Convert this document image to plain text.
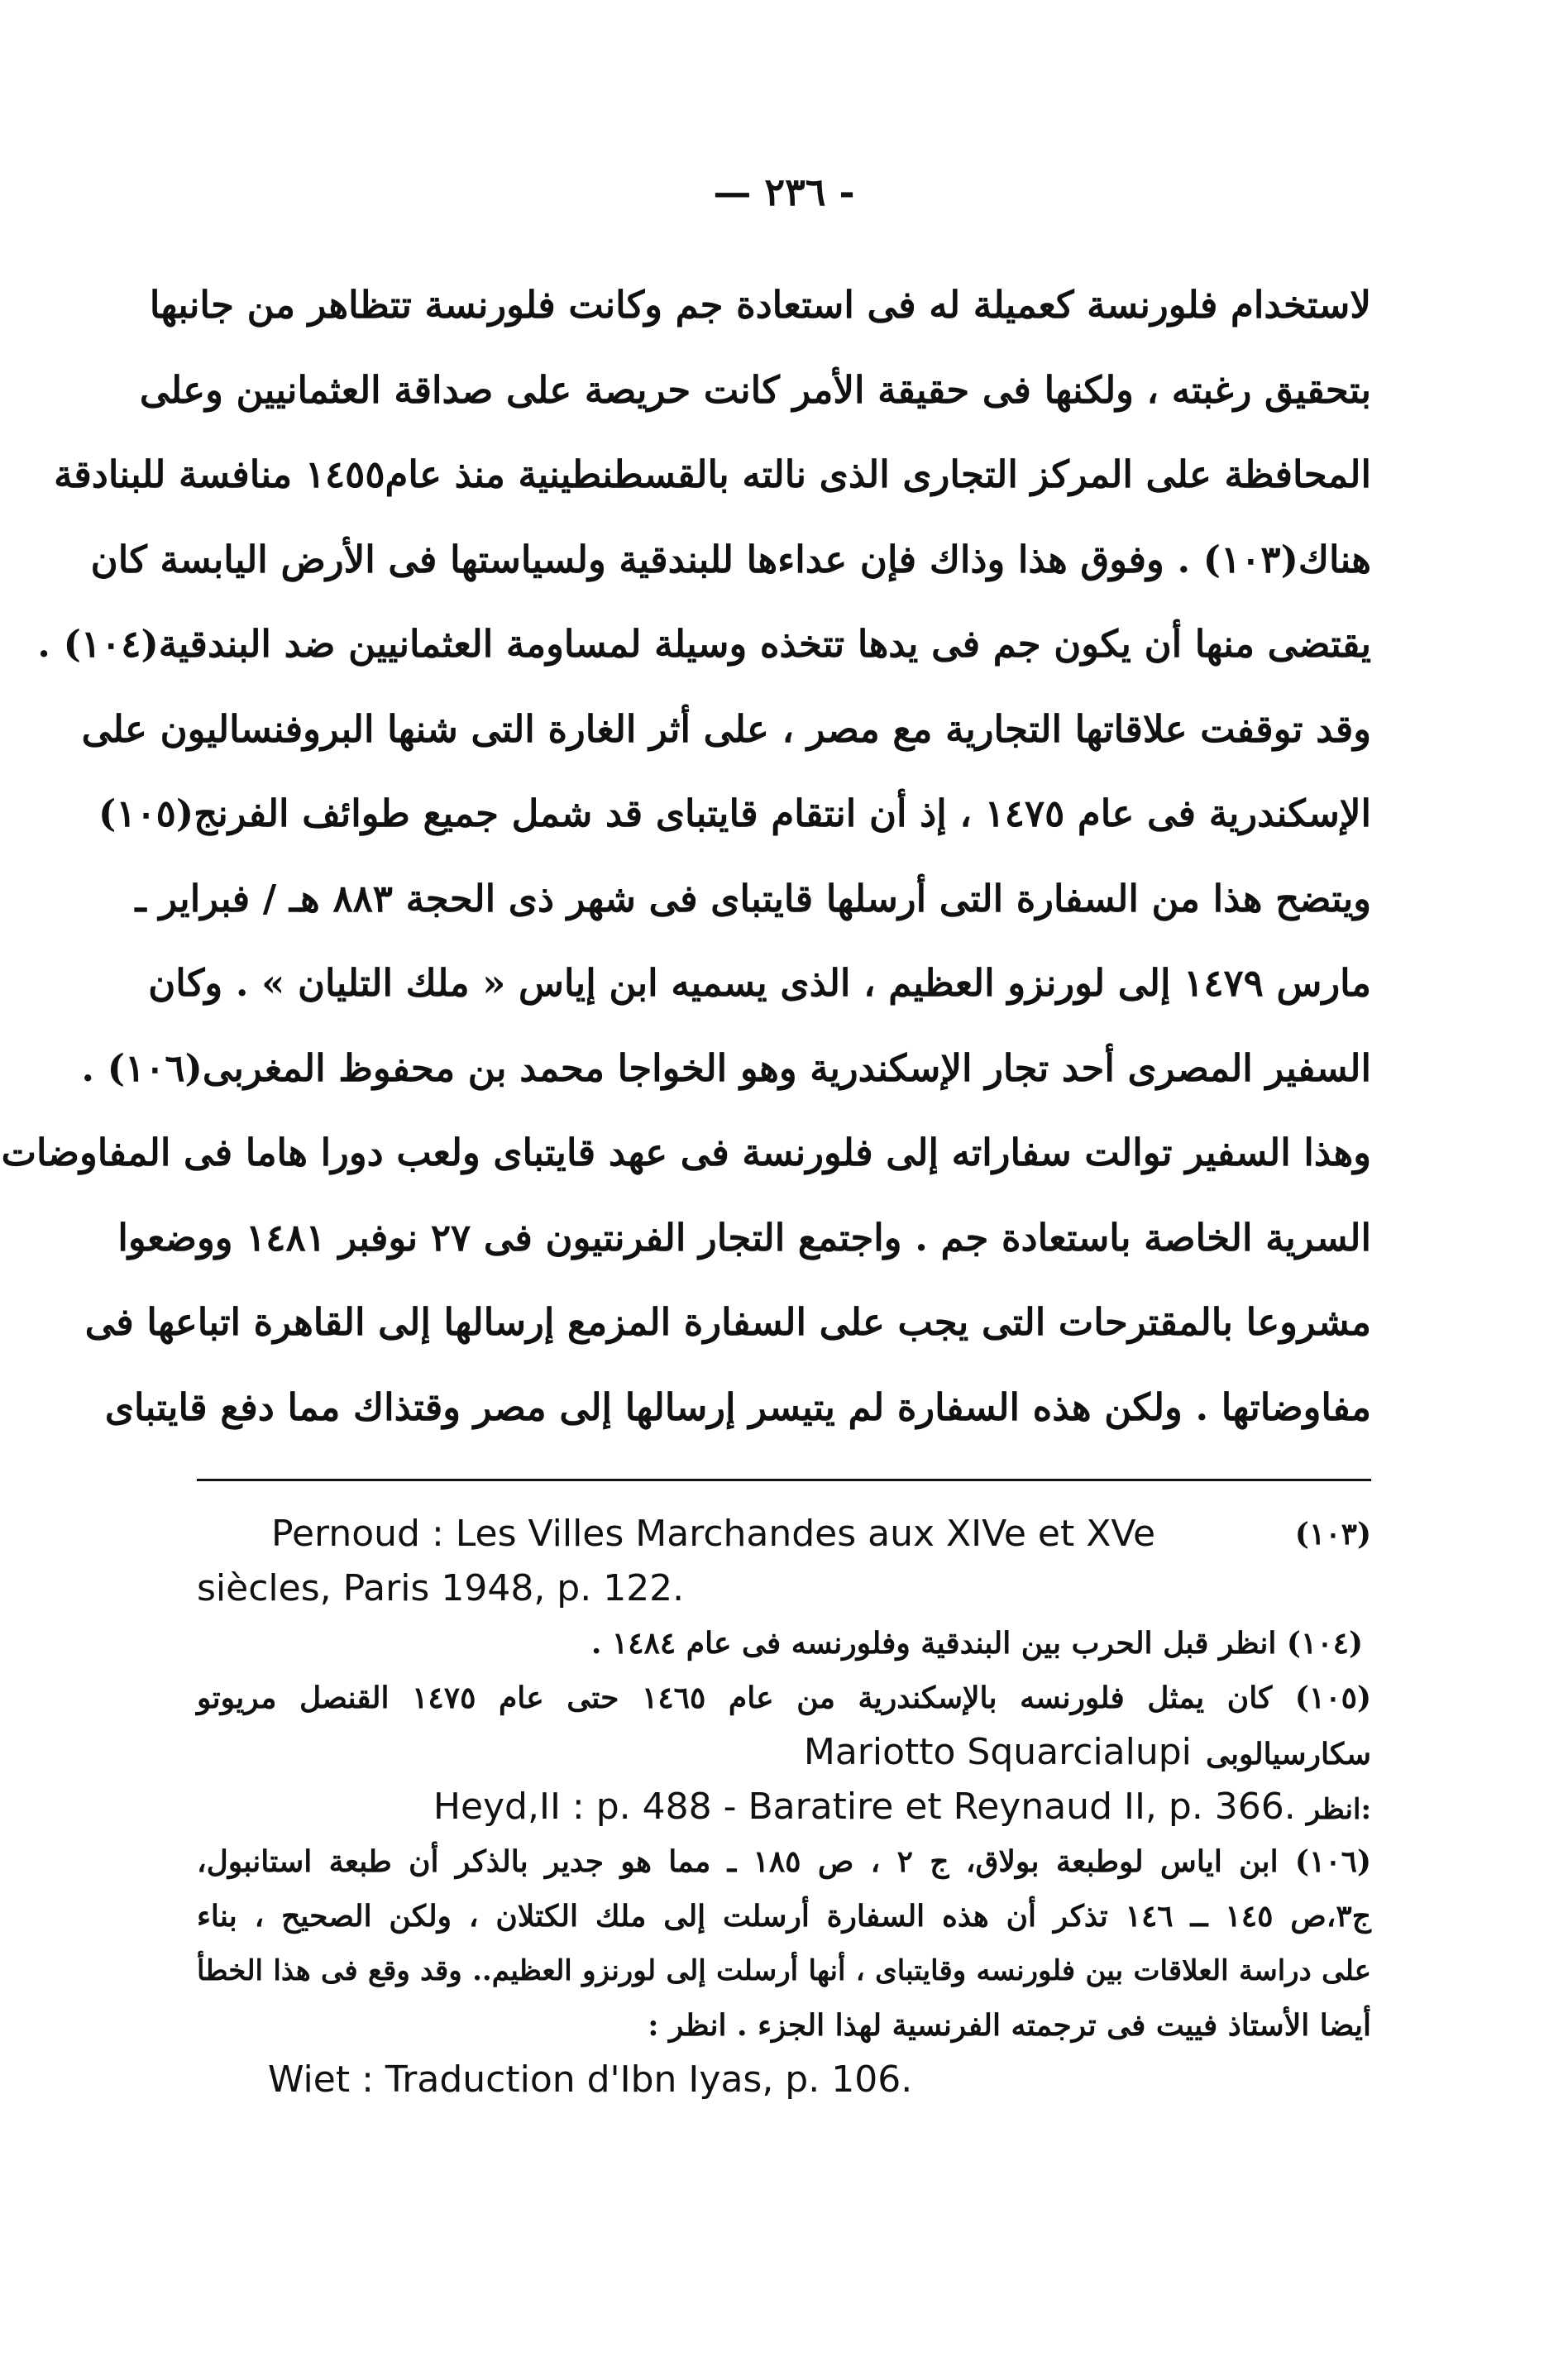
— ٢٣٦ -
لاستخدام فلورنسة كعميلة له فى استعادة جم وكانت فلورنسة تتظاهر من جانبها
بتحقيق رغبته ، ولكنها فى حقيقة الأمر كانت حريصة على صداقة العثمانيين وعلى
المحافظة على المركز التجارى الذى نالته بالقسطنطينية منذ عام١٤٥٥ منافسة للبنادقة
هناك(١٠٣) . وفوق هذا وذاك فإن عداءها للبندقية ولسياستها فى الأرض اليابسة كان
يقتضى منها أن يكون جم فى يدها تتخذه وسيلة لمساومة العثمانيين ضد البندقية(١٠٤) .
وقد توقفت علاقاتها التجارية مع مصر ، على أثر الغارة التى شنها البروفنساليون على
الإسكندرية فى عام ١٤٧٥ ، إذ أن انتقام قايتباى قد شمل جميع طوائف الفرنج(١٠٥)
ويتضح هذا من السفارة التى أرسلها قايتباى فى شهر ذى الحجة ٨٨٣ هـ / فبراير ـ
مارس ١٤٧٩ إلى لورنزو العظيم ، الذى يسميه ابن إياس « ملك التليان » . وكان
السفير المصرى أحد تجار الإسكندرية وهو الخواجا محمد بن محفوظ المغربى(١٠٦) .
وهذا السفير توالت سفاراته إلى فلورنسة فى عهد قايتباى ولعب دورا هاما فى المفاوضات
السرية الخاصة باستعادة جم . واجتمع التجار الفرنتيون فى ٢٧ نوفبر ١٤٨١ ووضعوا
مشروعا بالمقترحات التى يجب على السفارة المزمع إرسالها إلى القاهرة اتباعها فى
مفاوضاتها . ولكن هذه السفارة لم يتيسر إرسالها إلى مصر وقتذاك مما دفع قايتباى
Pernoud : Les Villes Marchandes aux XIVe et XVe	(١٠٣)
siècles, Paris 1948, p. 122.
(١٠٤) انظر قبل الحرب بين البندقية وفلورنسه فى عام ١٤٨٤ .
(١٠٥) كان يمثل فلورنسه بالإسكندرية من عام ١٤٦٥ حتى عام ١٤٧٥ القنصل مريوتو
Mariotto Squarcialupi سكارسيالوبى
Heyd,II : p. 488 - Baratire et Reynaud II, p. 366. انظر:
(١٠٦) ابن اياس لوطبعة بولاق، ج ٢ ، ص ١٨٥ ـ مما هو جدير بالذكر أن طبعة استانبول،
ج٣،ص ١٤٥ ــ ١٤٦ تذكر أن هذه السفارة أرسلت إلى ملك الكتلان ، ولكن الصحيح ، بناء
على دراسة العلاقات بين فلورنسه وقايتباى ، أنها أرسلت إلى لورنزو العظيم.. وقد وقع فى هذا الخطأ
أيضا الأستاذ فييت فى ترجمته الفرنسية لهذا الجزء . انظر :
Wiet : Traduction d'Ibn Iyas, p. 106.
